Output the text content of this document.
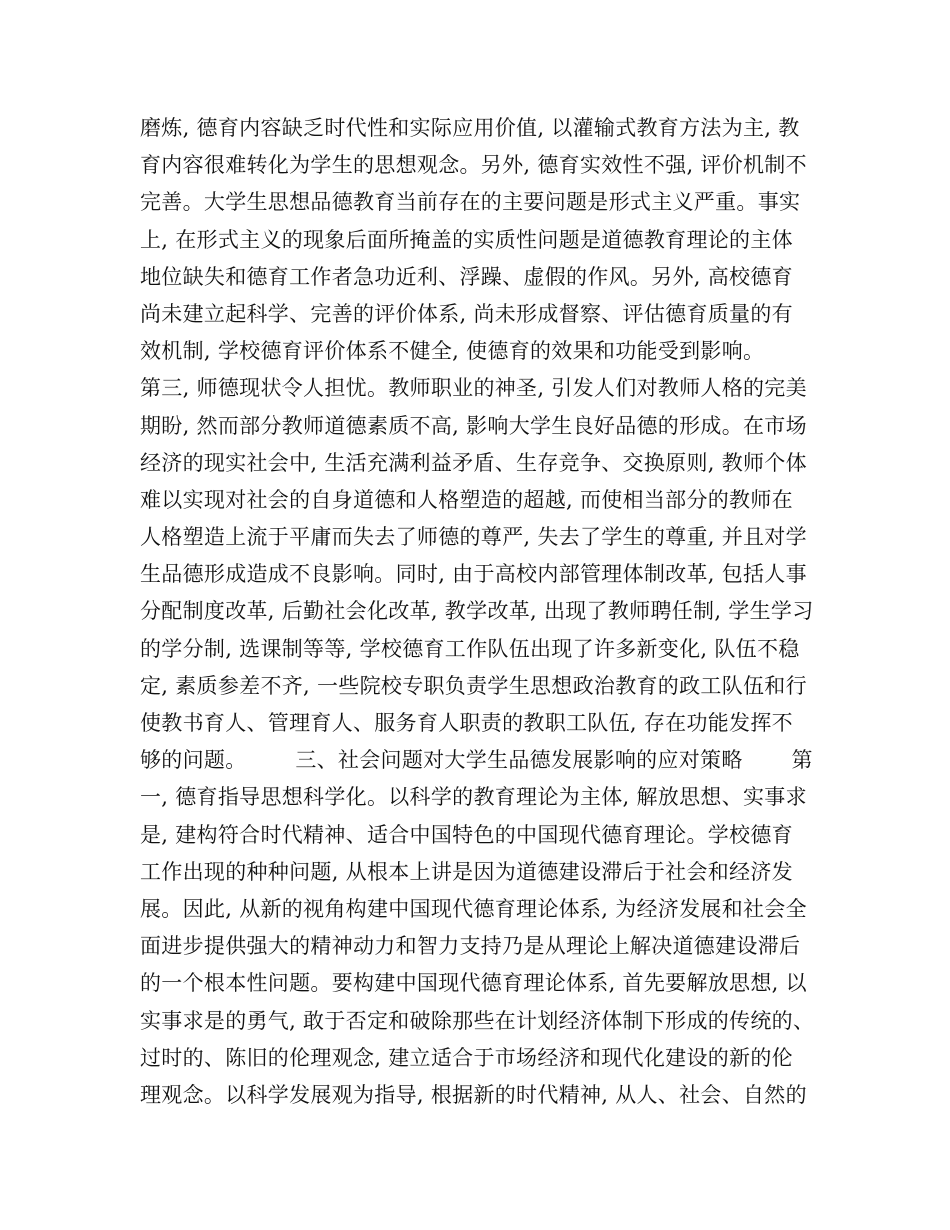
磨炼, 德育内容缺乏时代性和实际应用价值, 以灌输式教育方法为主, 教
育内容很难转化为学生的思想观念。另外, 德育实效性不强, 评价机制不
完善。大学生思想品德教育当前存在的主要问题是形式主义严重。事实
上, 在形式主义的现象后面所掩盖的实质性问题是道德教育理论的主体
地位缺失和德育工作者急功近利、浮躁、虚假的作风。另外, 高校德育
尚未建立起科学、完善的评价体系, 尚未形成督察、评估德育质量的有
效机制, 学校德育评价体系不健全, 使德育的效果和功能受到影响。
第三, 师德现状令人担忧。教师职业的神圣, 引发人们对教师人格的完美
期盼, 然而部分教师道德素质不高, 影响大学生良好品德的形成。在市场
经济的现实社会中, 生活充满利益矛盾、生存竞争、交换原则, 教师个体
难以实现对社会的自身道德和人格塑造的超越, 而使相当部分的教师在
人格塑造上流于平庸而失去了师德的尊严, 失去了学生的尊重, 并且对学
生品德形成造成不良影响。同时, 由于高校内部管理体制改革, 包括人事
分配制度改革, 后勤社会化改革, 教学改革, 出现了教师聘任制, 学生学习
的学分制, 选课制等等, 学校德育工作队伍出现了许多新变化, 队伍不稳
定, 素质参差不齐, 一些院校专职负责学生思想政治教育的政工队伍和行
使教书育人、管理育人、服务育人职责的教职工队伍, 存在功能发挥不
够的问题。       三、社会问题对大学生品德发展影响的应对策略       第
一, 德育指导思想科学化。以科学的教育理论为主体, 解放思想、实事求
是, 建构符合时代精神、适合中国特色的中国现代德育理论。学校德育
工作出现的种种问题, 从根本上讲是因为道德建设滞后于社会和经济发
展。因此, 从新的视角构建中国现代德育理论体系, 为经济发展和社会全
面进步提供强大的精神动力和智力支持乃是从理论上解决道德建设滞后
的一个根本性问题。要构建中国现代德育理论体系, 首先要解放思想, 以
实事求是的勇气, 敢于否定和破除那些在计划经济体制下形成的传统的、
过时的、陈旧的伦理观念, 建立适合于市场经济和现代化建设的新的伦
理观念。以科学发展观为指导, 根据新的时代精神, 从人、社会、自然的
